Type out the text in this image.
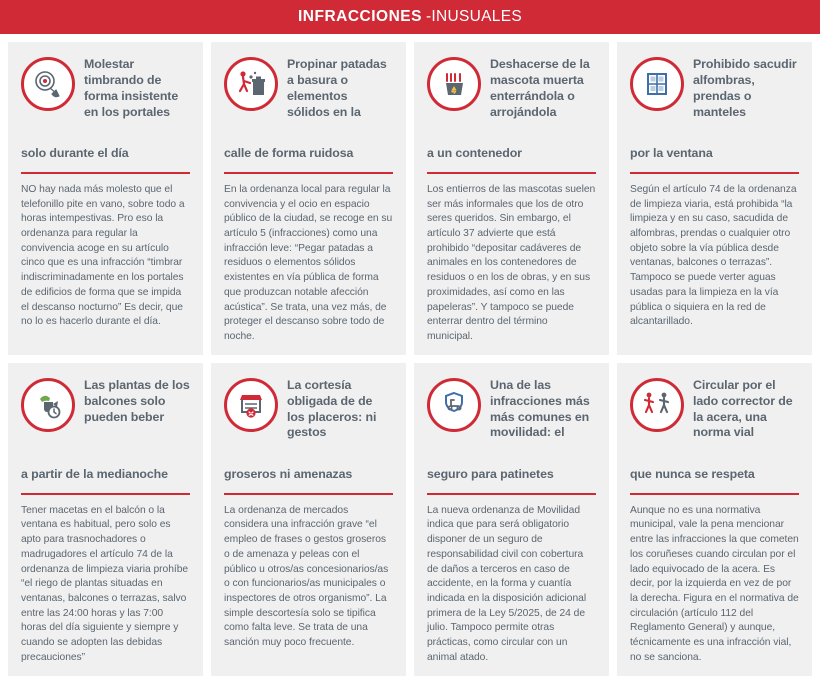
INFRACCIONES -INUSUALES
Molestar timbrando de forma insistente en los portales
solo durante el día
NO hay nada más molesto que el telefonillo pite en vano, sobre todo a horas intempestivas. Pro eso la ordenanza para regular la convivencia acoge en su artículo cinco que es una infracción “timbrar indiscriminadamente en los portales de edificios de forma que se impida el descanso nocturno” Es decir, que no lo es hacerlo durante el día.
Propinar patadas a basura o elementos sólidos en la
calle de forma ruidosa
En la ordenanza local para regular la convivencia y el ocio en espacio público de la ciudad, se recoge en su artículo 5 (infracciones) como una infracción leve: “Pegar patadas a residuos o elementos sólidos existentes en vía pública de forma que produzcan notable afección acústica”. Se trata, una vez más, de proteger el descanso sobre todo de noche.
Deshacerse de la mascota muerta enterrándola o arrojándola
a un contenedor
Los entierros de las mascotas suelen ser más informales que los de otro seres queridos. Sin embargo, el artículo 37 advierte que está prohibido “depositar cadáveres de animales en los contenedores de residuos o en los de obras, y en sus proximidades, así como en las papeleras”. Y tampoco se puede enterrar dentro del término municipal.
Prohibido sacudir alfombras, prendas o manteles
por la ventana
Según el artículo 74 de la ordenanza de limpieza viaria, está prohibida “la limpieza y en su caso, sacudida de alfombras, prendas o cualquier otro objeto sobre la vía pública desde ventanas, balcones o terrazas”. Tampoco se puede verter aguas usadas para la limpieza en la vía pública o siquiera en la red de alcantarillado.
Las plantas de los balcones solo pueden beber
a partir de la medianoche
Tener macetas en el balcón o la ventana es habitual, pero solo es apto para trasnochadores o madrugadores el artículo 74 de la ordenanza de limpieza viaria prohíbe “el riego de plantas situadas en ventanas, balcones o terrazas, salvo entre las 24:00 horas y las 7:00 horas del día siguiente y siempre y cuando se adopten las debidas precauciones”
La cortesía obligada de de los placeros: ni gestos
groseros ni amenazas
La ordenanza de mercados considera una infracción grave “el empleo de frases o gestos groseros o de amenaza y peleas con el público u otros/as concesionarios/as o con funcionarios/as municipales o inspectores de otros organismo”. La simple descortesía solo se tipifica como falta leve. Se trata de una sanción muy poco frecuente.
Una de las infracciones más más comunes en movilidad: el
seguro para patinetes
La nueva ordenanza de Movilidad indica que para será obligatorio disponer de un seguro de responsabilidad civil con cobertura de daños a terceros en caso de accidente, en la forma y cuantía indicada en la disposición adicional primera de la Ley 5/2025, de 24 de julio. Tampoco permite otras prácticas, como circular con un animal atado.
Circular por el lado corrector de la acera, una norma vial
que nunca se respeta
Aunque no es una normativa municipal, vale la pena mencionar entre las infracciones la que cometen los coruñeses cuando circulan por el lado equivocado de la acera. Es decir, por la izquierda en vez de por la derecha. Figura en el normativa de circulación (artículo 112 del Reglamento General) y aunque, técnicamente es una infracción vial, no se sanciona.
